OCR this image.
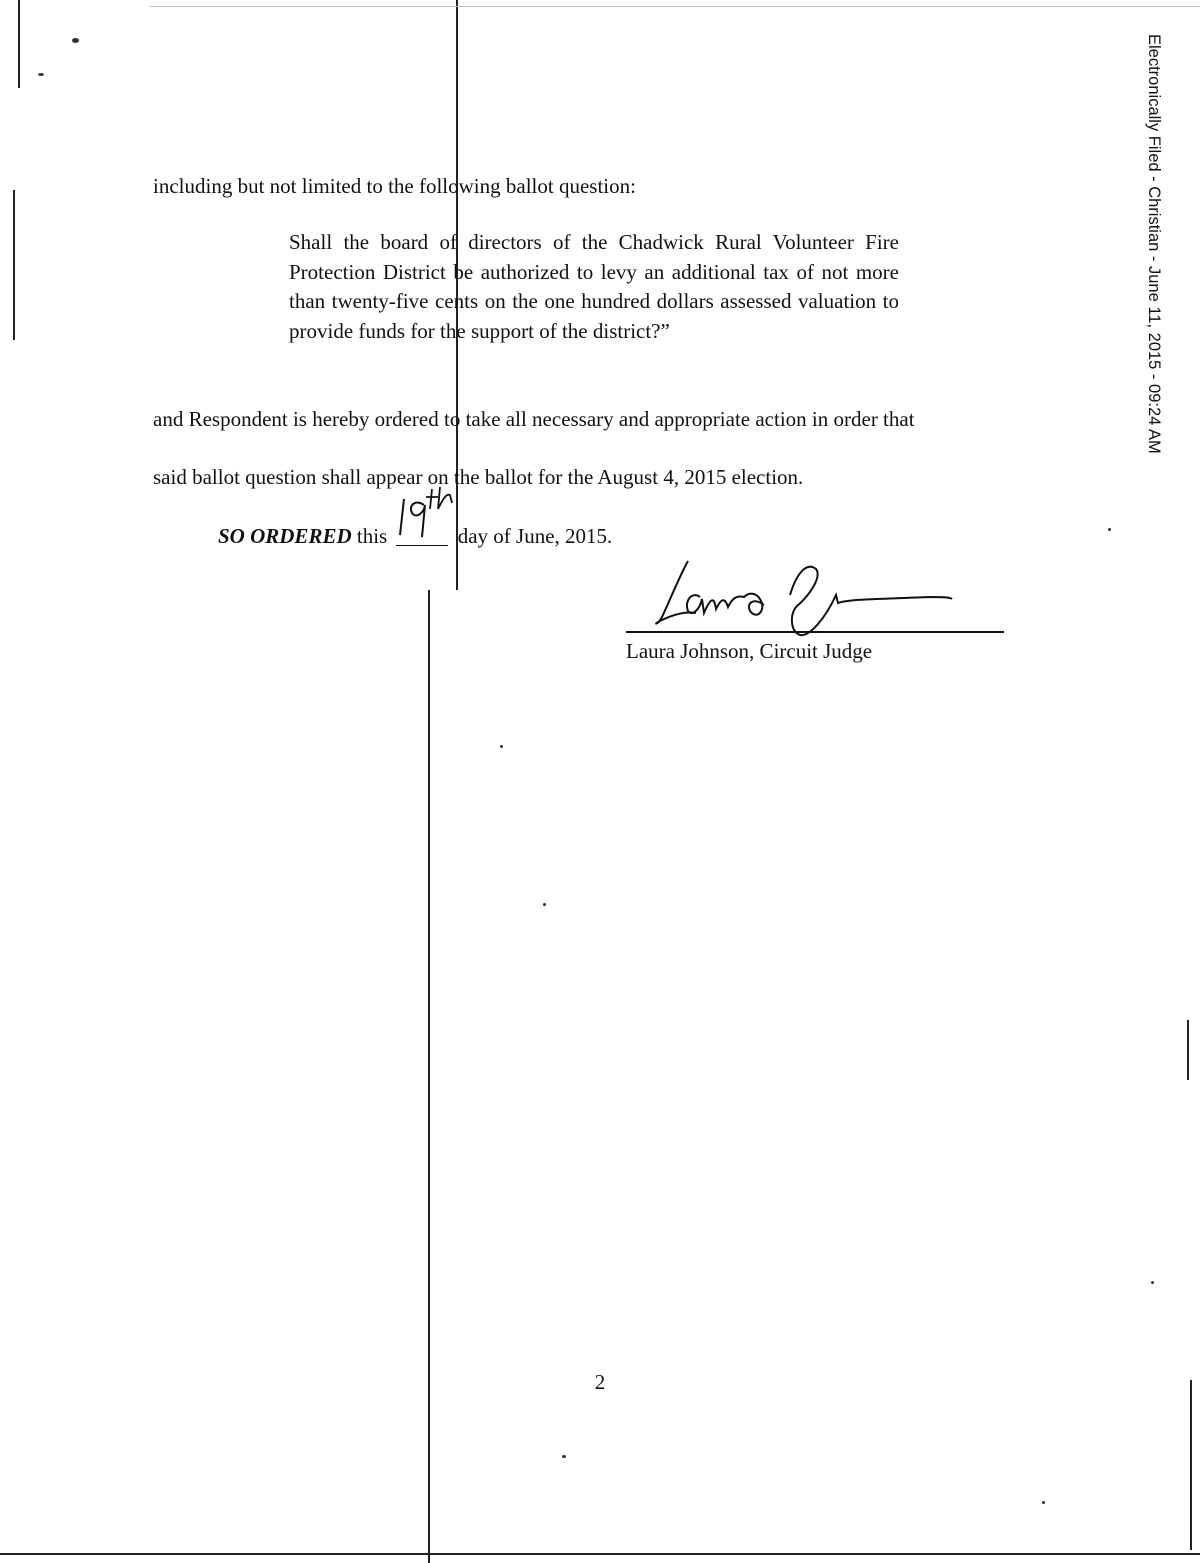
Electronically Filed - Christian - June 11, 2015 - 09:24 AM
including but not limited to the following ballot question:
Shall the board of directors of the Chadwick Rural Volunteer Fire Protection District be authorized to levy an additional tax of not more than twenty-five cents on the one hundred dollars assessed valuation to provide funds for the support of the district?”
and Respondent is hereby ordered to take all necessary and appropriate action in order that
said ballot question shall appear on the ballot for the August 4, 2015 election.
SO ORDERED this	day of June, 2015.
Laura Johnson, Circuit Judge
2
